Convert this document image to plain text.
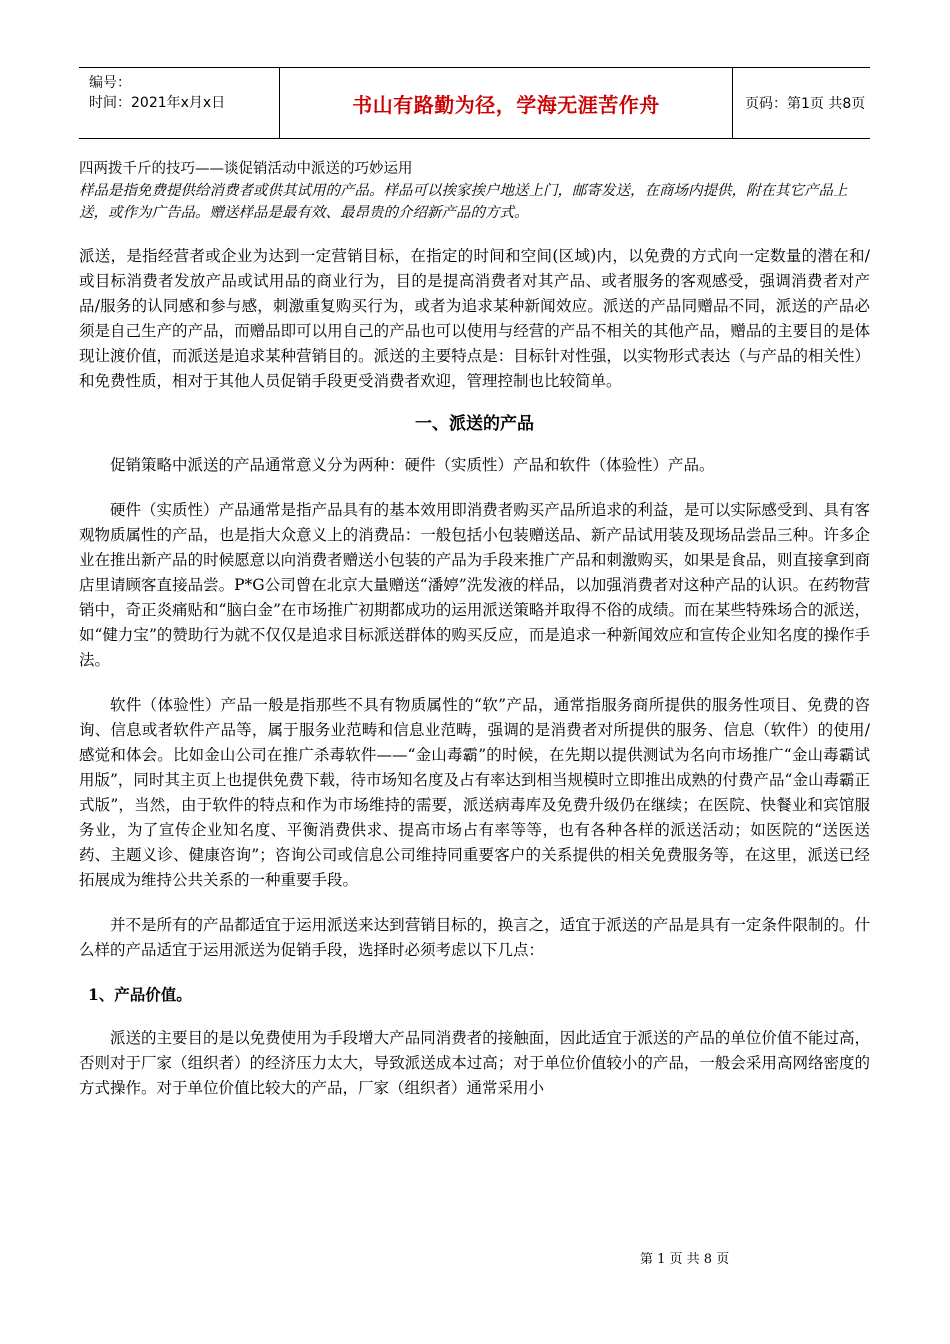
编号：
时间：2021年x月x日	书山有路勤为径，学海无涯苦作舟	页码：第1页 共8页

四两拨千斤的技巧——谈促销活动中派送的巧妙运用

样品是指免费提供给消费者或供其试用的产品。样品可以挨家挨户地送上门，邮寄发送，在商场内提供，附在其它产品上送，或作为广告品。赠送样品是最有效、最昂贵的介绍新产品的方式。

派送，是指经营者或企业为达到一定营销目标，在指定的时间和空间(区域)内，以免费的方式向一定数量的潜在和/或目标消费者发放产品或试用品的商业行为，目的是提高消费者对其产品、或者服务的客观感受，强调消费者对产品/服务的认同感和参与感，刺激重复购买行为，或者为追求某种新闻效应。派送的产品同赠品不同，派送的产品必须是自己生产的产品，而赠品即可以用自己的产品也可以使用与经营的产品不相关的其他产品，赠品的主要目的是体现让渡价值，而派送是追求某种营销目的。派送的主要特点是：目标针对性强，以实物形式表达（与产品的相关性）和免费性质，相对于其他人员促销手段更受消费者欢迎，管理控制也比较简单。

一、派送的产品

促销策略中派送的产品通常意义分为两种：硬件（实质性）产品和软件（体验性）产品。

硬件（实质性）产品通常是指产品具有的基本效用即消费者购买产品所追求的利益，是可以实际感受到、具有客观物质属性的产品，也是指大众意义上的消费品：一般包括小包装赠送品、新产品试用装及现场品尝品三种。许多企业在推出新产品的时候愿意以向消费者赠送小包装的产品为手段来推广产品和刺激购买，如果是食品，则直接拿到商店里请顾客直接品尝。P*G公司曾在北京大量赠送“潘婷”洗发液的样品，以加强消费者对这种产品的认识。在药物营销中，奇正炎痛贴和“脑白金”在市场推广初期都成功的运用派送策略并取得不俗的成绩。而在某些特殊场合的派送，如“健力宝”的赞助行为就不仅仅是追求目标派送群体的购买反应，而是追求一种新闻效应和宣传企业知名度的操作手法。

软件（体验性）产品一般是指那些不具有物质属性的“软”产品，通常指服务商所提供的服务性项目、免费的咨询、信息或者软件产品等，属于服务业范畴和信息业范畴，强调的是消费者对所提供的服务、信息（软件）的使用/感觉和体会。比如金山公司在推广杀毒软件——“金山毒霸”的时候，在先期以提供测试为名向市场推广“金山毒霸试用版”，同时其主页上也提供免费下载，待市场知名度及占有率达到相当规模时立即推出成熟的付费产品“金山毒霸正式版”，当然，由于软件的特点和作为市场维持的需要，派送病毒库及免费升级仍在继续；在医院、快餐业和宾馆服务业，为了宣传企业知名度、平衡消费供求、提高市场占有率等等，也有各种各样的派送活动；如医院的“送医送药、主题义诊、健康咨询”；咨询公司或信息公司维持同重要客户的关系提供的相关免费服务等，在这里，派送已经拓展成为维持公共关系的一种重要手段。

并不是所有的产品都适宜于运用派送来达到营销目标的，换言之，适宜于派送的产品是具有一定条件限制的。什么样的产品适宜于运用派送为促销手段，选择时必须考虑以下几点：

1、产品价值。

派送的主要目的是以免费使用为手段增大产品同消费者的接触面，因此适宜于派送的产品的单位价值不能过高，否则对于厂家（组织者）的经济压力太大，导致派送成本过高；对于单位价值较小的产品，一般会采用高网络密度的方式操作。对于单位价值比较大的产品，厂家（组织者）通常采用小

第 1 页 共 8 页
